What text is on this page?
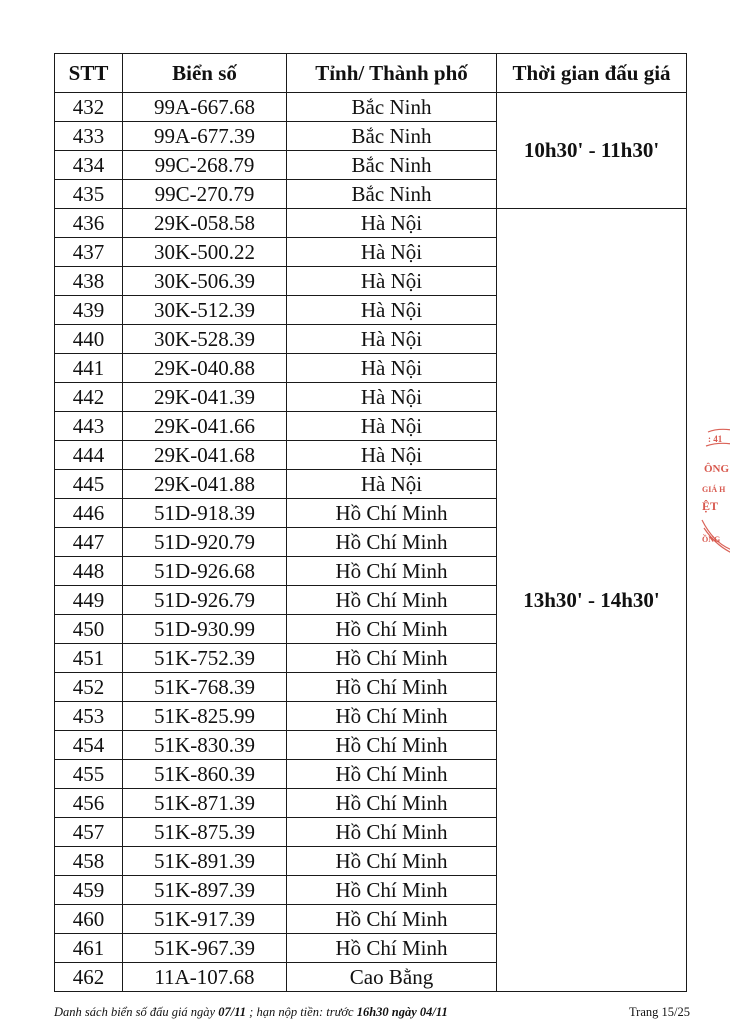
STT	Biển số	Tỉnh/ Thành phố	Thời gian đấu giá
432	99A-667.68	Bắc Ninh	10h30' - 11h30'
433	99A-677.39	Bắc Ninh	
434	99C-268.79	Bắc Ninh	
435	99C-270.79	Bắc Ninh	
436	29K-058.58	Hà Nội	13h30' - 14h30'
437	30K-500.22	Hà Nội	
438	30K-506.39	Hà Nội	
439	30K-512.39	Hà Nội	
440	30K-528.39	Hà Nội	
441	29K-040.88	Hà Nội	
442	29K-041.39	Hà Nội	
443	29K-041.66	Hà Nội	
444	29K-041.68	Hà Nội	
445	29K-041.88	Hà Nội	
446	51D-918.39	Hồ Chí Minh	
447	51D-920.79	Hồ Chí Minh	
448	51D-926.68	Hồ Chí Minh	
449	51D-926.79	Hồ Chí Minh	
450	51D-930.99	Hồ Chí Minh	
451	51K-752.39	Hồ Chí Minh	
452	51K-768.39	Hồ Chí Minh	
453	51K-825.99	Hồ Chí Minh	
454	51K-830.39	Hồ Chí Minh	
455	51K-860.39	Hồ Chí Minh	
456	51K-871.39	Hồ Chí Minh	
457	51K-875.39	Hồ Chí Minh	
458	51K-891.39	Hồ Chí Minh	
459	51K-897.39	Hồ Chí Minh	
460	51K-917.39	Hồ Chí Minh	
461	51K-967.39	Hồ Chí Minh	
462	11A-107.68	Cao Bằng	
Danh sách biển số đấu giá ngày 07/11 ; hạn nộp tiền: trước 16h30 ngày 04/11	Trang 15/25
: 41
ÔNG
GIÁ H
ỆT
ỒNG
